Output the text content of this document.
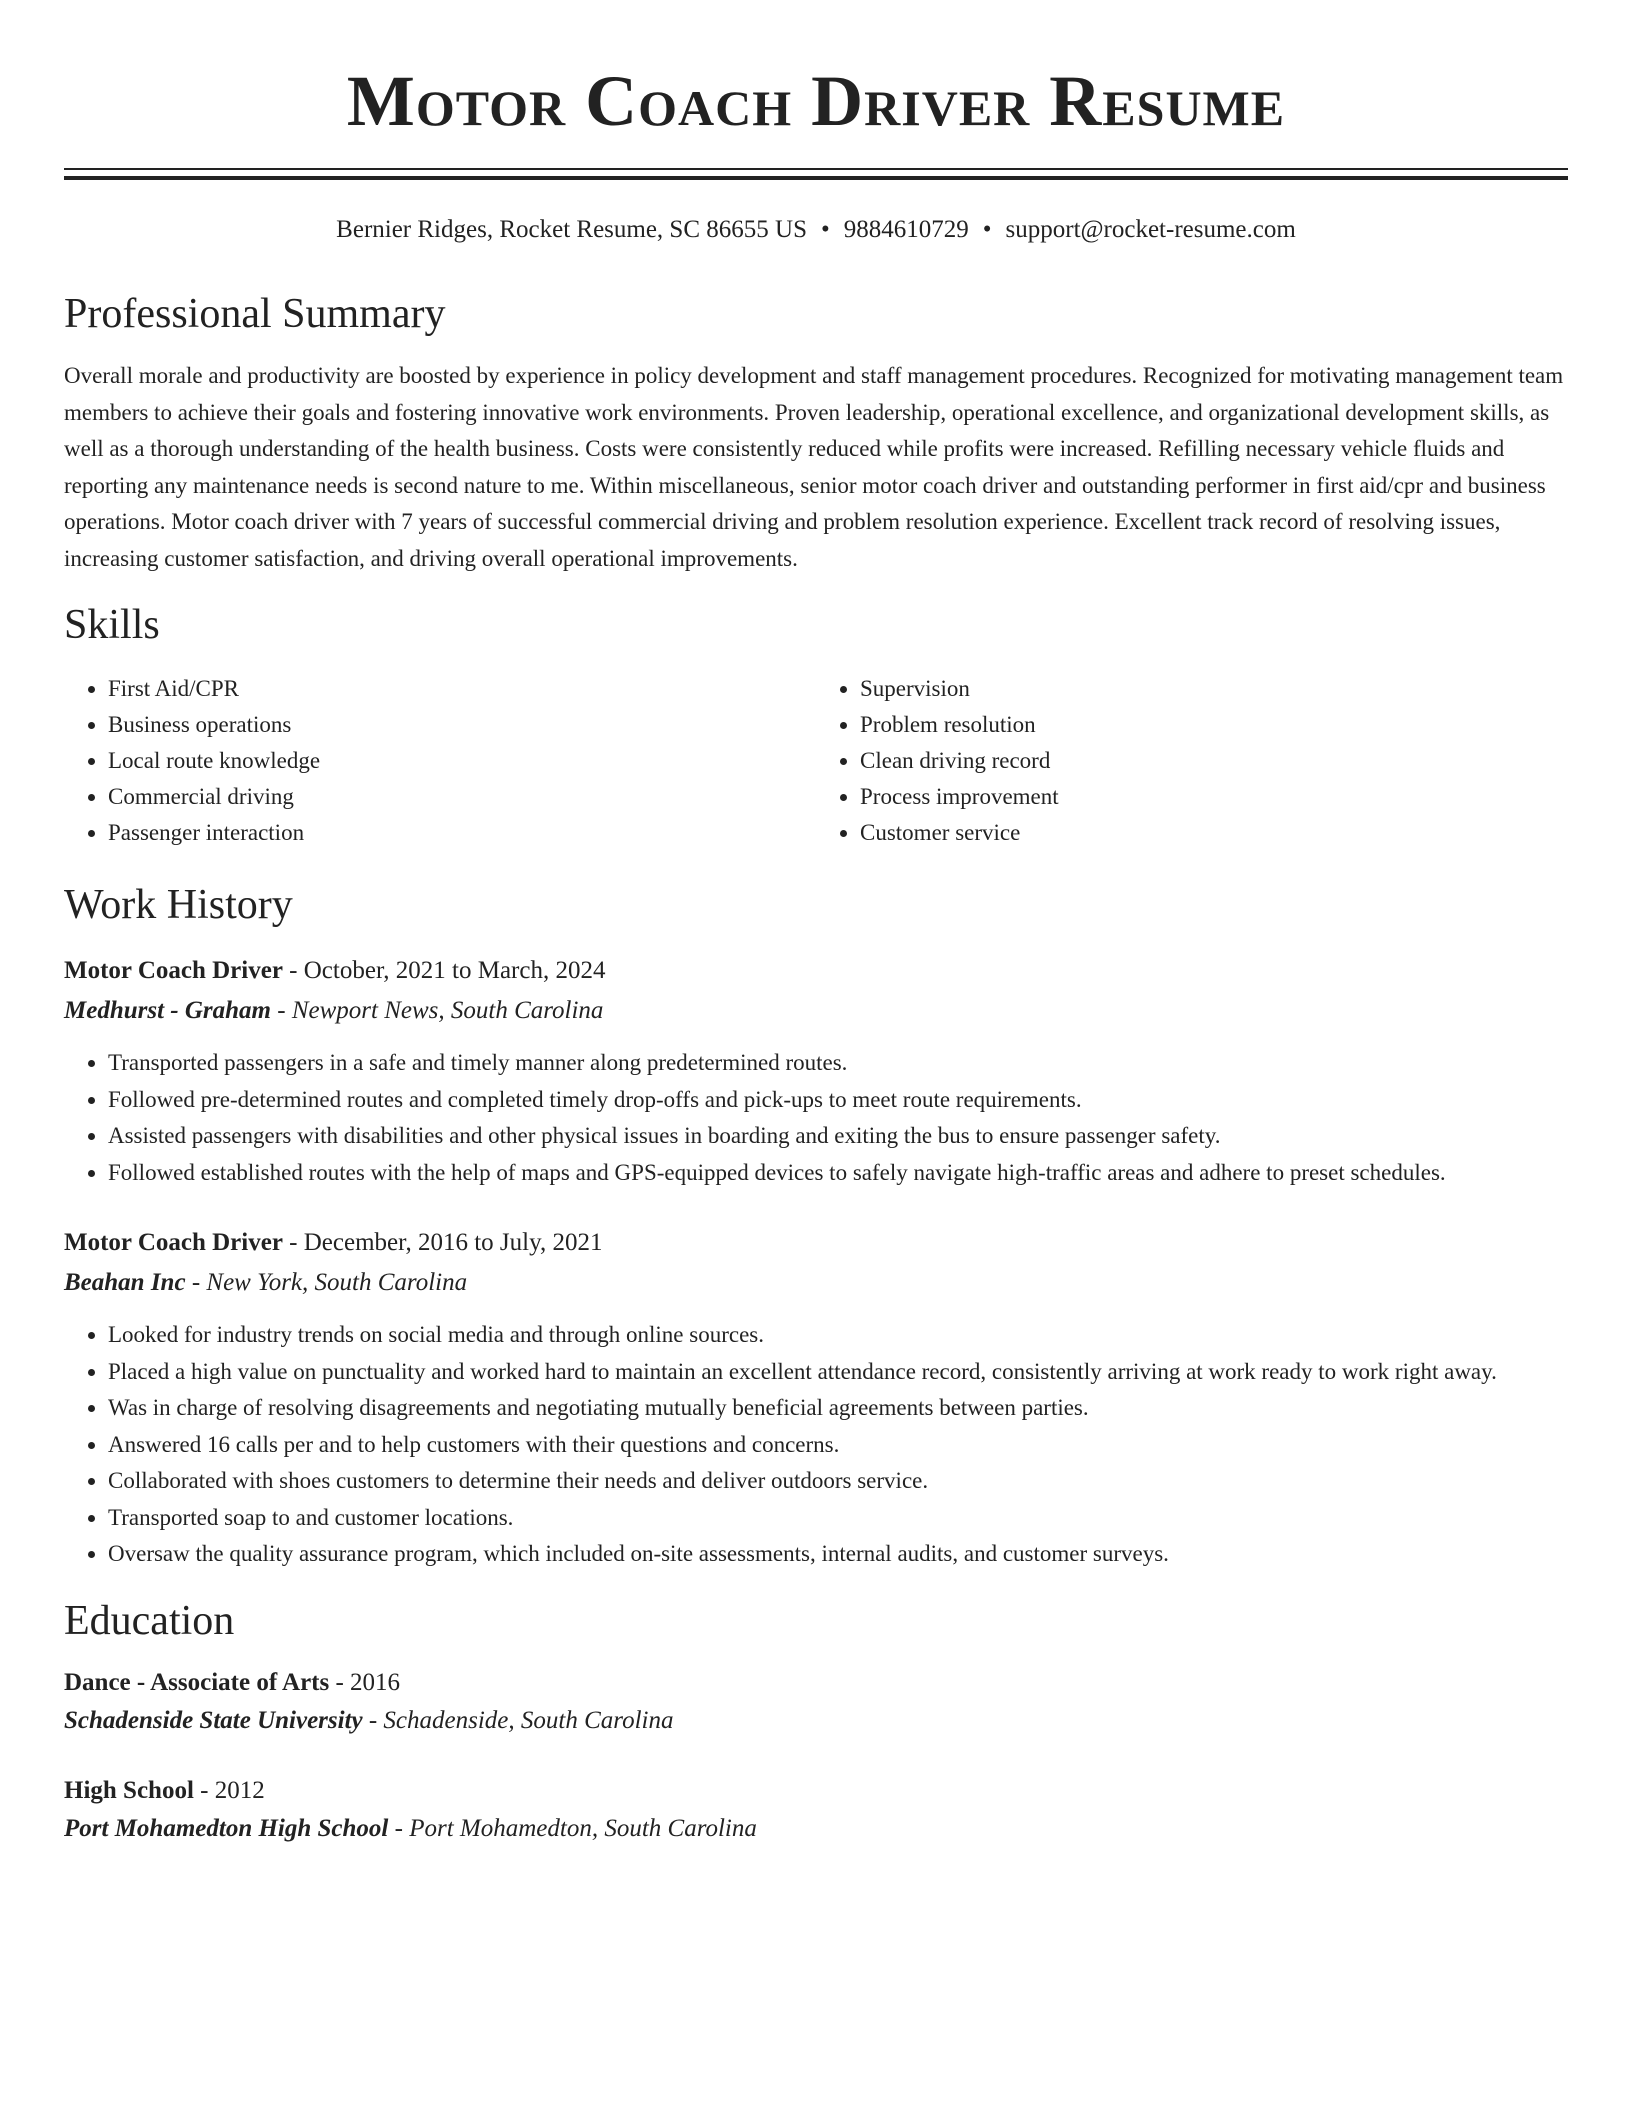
Motor Coach Driver Resume
Bernier Ridges, Rocket Resume, SC 86655 US • 9884610729 • support@rocket-resume.com
Professional Summary

Overall morale and productivity are boosted by experience in policy development and staff management procedures. Recognized for motivating management team members to achieve their goals and fostering innovative work environments. Proven leadership, operational excellence, and organizational development skills, as well as a thorough understanding of the health business. Costs were consistently reduced while profits were increased. Refilling necessary vehicle fluids and reporting any maintenance needs is second nature to me. Within miscellaneous, senior motor coach driver and outstanding performer in first aid/cpr and business operations. Motor coach driver with 7 years of successful commercial driving and problem resolution experience. Excellent track record of resolving issues, increasing customer satisfaction, and driving overall operational improvements.

Skills
• First Aid/CPR
• Business operations
• Local route knowledge
• Commercial driving
• Passenger interaction
• Supervision
• Problem resolution
• Clean driving record
• Process improvement
• Customer service
Work History
Motor Coach Driver - October, 2021 to March, 2024
Medhurst - Graham - Newport News, South Carolina
• Transported passengers in a safe and timely manner along predetermined routes.
• Followed pre-determined routes and completed timely drop-offs and pick-ups to meet route requirements.
• Assisted passengers with disabilities and other physical issues in boarding and exiting the bus to ensure passenger safety.
• Followed established routes with the help of maps and GPS-equipped devices to safely navigate high-traffic areas and adhere to preset schedules.
Motor Coach Driver - December, 2016 to July, 2021
Beahan Inc - New York, South Carolina
• Looked for industry trends on social media and through online sources.
• Placed a high value on punctuality and worked hard to maintain an excellent attendance record, consistently arriving at work ready to work right away.
• Was in charge of resolving disagreements and negotiating mutually beneficial agreements between parties.
• Answered 16 calls per and to help customers with their questions and concerns.
• Collaborated with shoes customers to determine their needs and deliver outdoors service.
• Transported soap to and customer locations.
• Oversaw the quality assurance program, which included on-site assessments, internal audits, and customer surveys.
Education
Dance - Associate of Arts - 2016
Schadenside State University - Schadenside, South Carolina
High School - 2012
Port Mohamedton High School - Port Mohamedton, South Carolina
